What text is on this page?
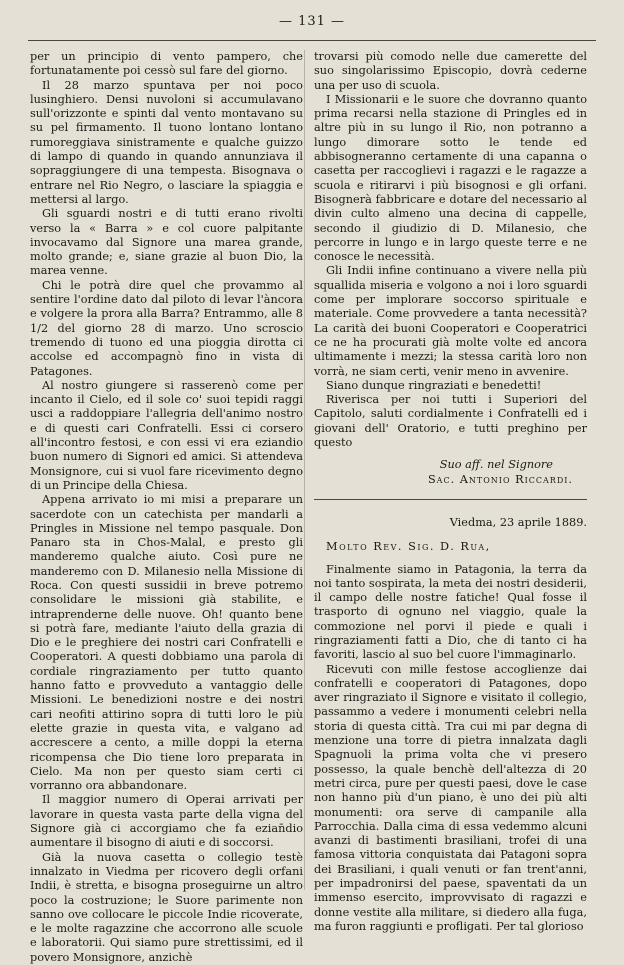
— 131 —

per un principio di vento pampero, che fortunatamente poi cessò sul fare del giorno.

Il 28 marzo spuntava per noi poco lusinghiero. Densi nuvoloni si accumulavano sull'orizzonte e spinti dal vento montavano su su pel firmamento. Il tuono lontano lontano rumoreggiava sinistramente e qualche guizzo di lampo di quando in quando annunziava il sopraggiungere di una tempesta. Bisognava o entrare nel Rio Negro, o lasciare la spiaggia e mettersi al largo.

Gli sguardi nostri e di tutti erano rivolti verso la « Barra » e col cuore palpitante invocavamo dal Signore una marea grande, molto grande; e, siane grazie al buon Dio, la marea venne.

Chi le potrà dire quel che provammo al sentire l'ordine dato dal piloto di levar l'àncora e volgere la prora alla Barra? Entrammo, alle 8 1/2 del giorno 28 di marzo. Uno scroscio tremendo di tuono ed una pioggia dirotta ci accolse ed accompagnò fino in vista di Patagones.

Al nostro giungere si rasserenò come per incanto il Cielo, ed il sole co' suoi tepidi raggi usci a raddoppiare l'allegria dell'animo nostro e di questi cari Confratelli. Essi ci corsero all'incontro festosi, e con essi vi era eziandio buon numero di Signori ed amici. Si attendeva Monsignore, cui si vuol fare ricevimento degno di un Principe della Chiesa.

Appena arrivato io mi misi a preparare un sacerdote con un catechista per mandarli a Pringles in Missione nel tempo pasquale. Don Panaro sta in Chos-Malal, e presto gli manderemo qualche aiuto. Così pure ne manderemo con D. Milanesio nella Missione di Roca. Con questi sussidii in breve potremo consolidare le missioni già stabilite, e intraprenderne delle nuove. Oh! quanto bene si potrà fare, mediante l'aiuto della grazia di Dio e le preghiere dei nostri cari Confratelli e Cooperatori. A questi dobbiamo una parola di cordiale ringraziamento per tutto quanto hanno fatto e provveduto a vantaggio delle Missioni. Le benedizioni nostre e dei nostri cari neofiti attirino sopra di tutti loro le più elette grazie in questa vita, e valgano ad accrescere a cento, a mille doppi la eterna ricompensa che Dio tiene loro preparata in Cielo. Ma non per questo siam certi ci vorranno ora abbandonare.

Il maggior numero di Operai arrivati per lavorare in questa vasta parte della vigna del Signore già ci accorgiamo che fa ezian̄dio aumentare il bisogno di aiuti e di soccorsi.

Già la nuova casetta o collegio testè innalzato in Viedma per ricovero degli orfani Indii, è stretta, e bisogna proseguirne un altro poco la costruzione; le Suore parimente non sanno ove collocare le piccole Indie ricoverate, e le molte ragazzine che accorrono alle scuole e laboratorii. Qui siamo pure strettissimi, ed il povero Monsignore, anzichè

trovarsi più comodo nelle due camerette del suo singolarissimo Episcopio, dovrà cederne una per uso di scuola.

I Missionarii e le suore che dovranno quanto prima recarsi nella stazione di Pringles ed in altre più in su lungo il Rio, non potranno a lungo dimorare sotto le tende ed abbisogneranno certamente di una capanna o casetta per raccoglievi i ragazzi e le ragazze a scuola e ritirarvi i più bisognosi e gli orfani. Bisognerà fabbricare e dotare del necessario al divin culto almeno una decina di cappelle, secondo il giudizio di D. Milanesio, che percorre in lungo e in largo queste terre e ne conosce le necessità.

Gli Indii infine continuano a vivere nella più squallida miseria e volgono a noi i loro sguardi come per implorare soccorso spirituale e materiale. Come provvedere a tanta necessità? La carità dei buoni Cooperatori e Cooperatrici ce ne ha procurati già molte volte ed ancora ultimamente i mezzi; la stessa carità loro non vorrà, ne siam certi, venir meno in avvenire.

Siano dunque ringraziati e benedetti!

Riverisca per noi tutti i Superiori del Capitolo, saluti cordialmente i Confratelli ed i giovani dell' Oratorio, e tutti preghino per questo

Suo aff. nel Signore
Sac. Antonio Riccardi.
Viedma, 23 aprile 1889.
Molto Rev. Sig. D. Rua,

Finalmente siamo in Patagonia, la terra da noi tanto sospirata, la meta dei nostri desiderii, il campo delle nostre fatiche! Qual fosse il trasporto di ognuno nel viaggio, quale la commozione nel porvi il piede e quali i ringraziamenti fatti a Dio, che di tanto ci ha favoriti, lascio al suo bel cuore l'immaginarlo.

Ricevuti con mille festose accoglienze dai confratelli e cooperatori di Patagones, dopo aver ringraziato il Signore e visitato il collegio, passammo a vedere i monumenti celebri nella storia di questa città. Tra cui mi par degna di menzione una torre di pietra innalzata dagli Spagnuoli la prima volta che vi presero possesso, la quale benchè dell'altezza di 20 metri circa, pure per questi paesi, dove le case non hanno più d'un piano, è uno dei più alti monumenti: ora serve di campanile alla Parrocchia. Dalla cima di essa vedemmo alcuni avanzi di bastimenti brasiliani, trofei di una famosa vittoria conquistata dai Patagoni sopra dei Brasiliani, i quali venuti or fan trent'anni, per impadronirsi del paese, spaventati da un immenso esercito, improvvisato di ragazzi e donne vestite alla militare, si diedero alla fuga, ma furon raggiunti e profligati. Per tal glorioso
